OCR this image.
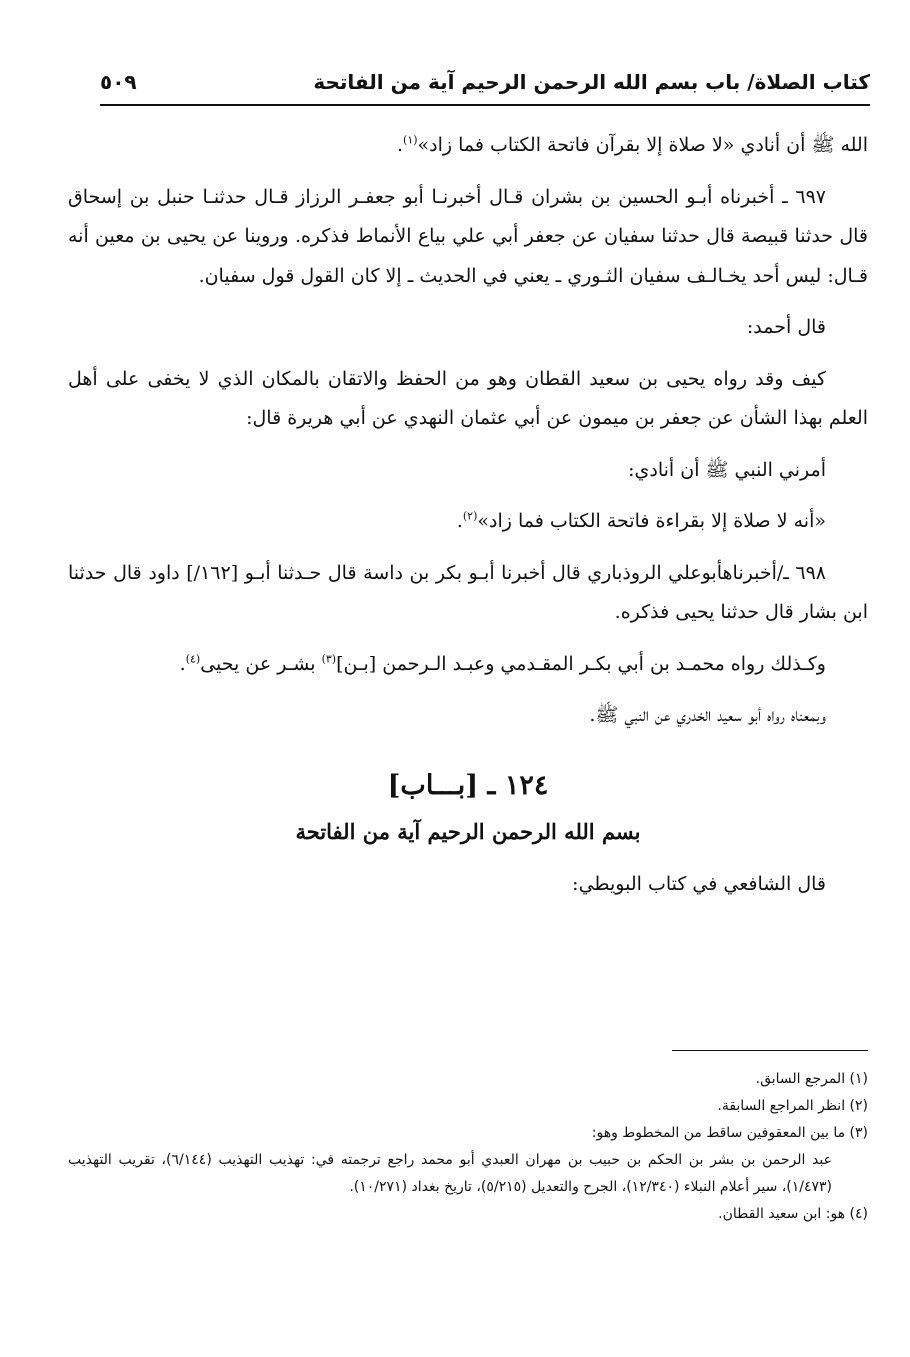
كتاب الصلاة/ باب بسم الله الرحمن الرحيم آية من الفاتحة
٥٠٩

الله ﷺ أن أنادي «لا صلاة إلا بقرآن فاتحة الكتاب فما زاد»$^{(١)}$.

٦٩٧ ـ أخبرناه أبـو الحسين بن بشران قـال أخبرنـا أبو جعفـر الرزاز قـال حدثنـا حنبل بن إسحاق قال حدثنا قبيصة قال حدثنا سفيان عن جعفر أبي علي بياع الأنماط فذكره. وروينا عن يحيى بن معين أنه قـال: ليس أحد يخـالـف سفيان الثـوري ـ يعني في الحديث ـ إلا كان القول قول سفيان.

قال أحمد:

كيف وقد رواه يحيى بن سعيد القطان وهو من الحفظ والاتقان بالمكان الذي لا يخفى على أهل العلم بهذا الشأن عن جعفر بن ميمون عن أبي عثمان النهدي عن أبي هريرة قال:

أمرني النبي ﷺ أن أنادي:

«أنه لا صلاة إلا بقراءة فاتحة الكتاب فما زاد»$^{(٢)}$.

٦٩٨ ـ/أخبرناهأبوعلي الروذباري قال أخبرنا أبـو بكر بن داسة قال حـدثنا أبـو [١٦٢/] داود قال حدثنا ابن بشار قال حدثنا يحيى فذكره.

وكـذلك رواه محمـد بن أبي بكـر المقـدمي وعبـد الـرحمن [بـن]$^{(٣)}$ بشـر عن يحيى$^{(٤)}$.

وبمعناه رواه أبو سعيد الخدري عن النبي ﷺ.

١٢٤ ـ [بـــاب]
بسم الله الرحمن الرحيم آية من الفاتحة

قال الشافعي في كتاب البويطي:

(١) المرجع السابق.

(٢) انظر المراجع السابقة.

(٣) ما بين المعقوفين ساقط من المخطوط وهو:

عبد الرحمن بن بشر بن الحكم بن حبيب بن مهران العبدي أبو محمد راجع ترجمته في: تهذيب التهذيب (٦/١٤٤)، تقريب التهذيب (١/٤٧٣)، سير أعلام النبلاء (١٢/٣٤٠)، الجرح والتعديل (٥/٢١٥)، تاريخ بغداد (١٠/٢٧١).

(٤) هو: ابن سعيد القطان.
